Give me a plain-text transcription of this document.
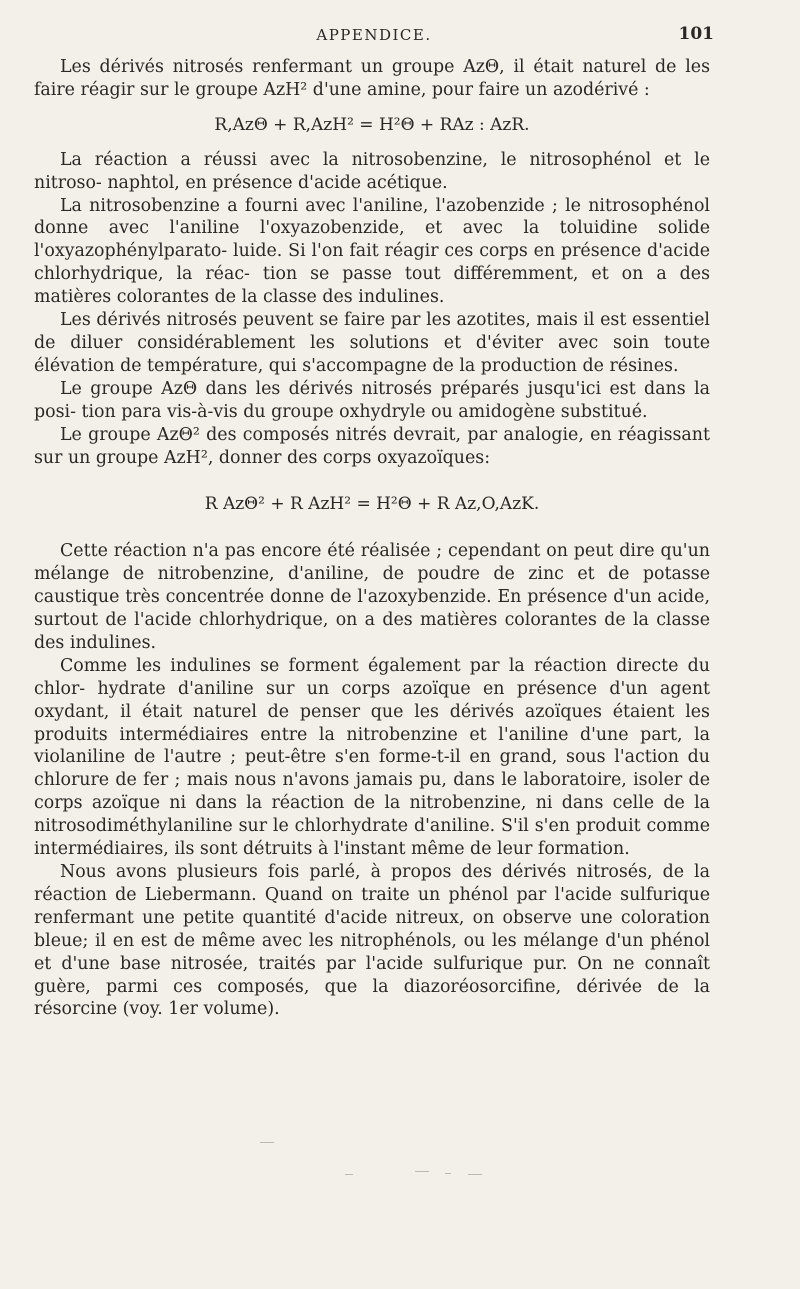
APPENDICE.	101

Les dérivés nitrosés renfermant un groupe AzΘ, il était naturel de les faire réagir sur le groupe AzH² d'une amine, pour faire un azodérivé :

R,AzΘ + R,AzH² = H²Θ + RAz : AzR.

La réaction a réussi avec la nitrosobenzine, le nitrosophénol et le nitroso- naphtol, en présence d'acide acétique.

La nitrosobenzine a fourni avec l'aniline, l'azobenzide ; le nitrosophénol donne avec l'aniline l'oxyazobenzide, et avec la toluidine solide l'oxyazophénylparato- luide. Si l'on fait réagir ces corps en présence d'acide chlorhydrique, la réac- tion se passe tout différemment, et on a des matières colorantes de la classe des indulines.

Les dérivés nitrosés peuvent se faire par les azotites, mais il est essentiel de diluer considérablement les solutions et d'éviter avec soin toute élévation de température, qui s'accompagne de la production de résines.

Le groupe AzΘ dans les dérivés nitrosés préparés jusqu'ici est dans la posi- tion para vis-à-vis du groupe oxhydryle ou amidogène substitué.

Le groupe AzΘ² des composés nitrés devrait, par analogie, en réagissant sur un groupe AzH², donner des corps oxyazoïques:

R AzΘ² + R AzH² = H²Θ + R Az,O,AzK.

Cette réaction n'a pas encore été réalisée ; cependant on peut dire qu'un mélange de nitrobenzine, d'aniline, de poudre de zinc et de potasse caustique très concentrée donne de l'azoxybenzide. En présence d'un acide, surtout de l'acide chlorhydrique, on a des matières colorantes de la classe des indulines.

Comme les indulines se forment également par la réaction directe du chlor- hydrate d'aniline sur un corps azoïque en présence d'un agent oxydant, il était naturel de penser que les dérivés azoïques étaient les produits intermédiaires entre la nitrobenzine et l'aniline d'une part, la violaniline de l'autre ; peut-être s'en forme-t-il en grand, sous l'action du chlorure de fer ; mais nous n'avons jamais pu, dans le laboratoire, isoler de corps azoïque ni dans la réaction de la nitrobenzine, ni dans celle de la nitrosodiméthylaniline sur le chlorhydrate d'aniline. S'il s'en produit comme intermédiaires, ils sont détruits à l'instant même de leur formation.

Nous avons plusieurs fois parlé, à propos des dérivés nitrosés, de la réaction de Liebermann. Quand on traite un phénol par l'acide sulfurique renfermant une petite quantité d'acide nitreux, on observe une coloration bleue; il en est de même avec les nitrophénols, ou les mélange d'un phénol et d'une base nitrosée, traités par l'acide sulfurique pur. On ne connaît guère, parmi ces composés, que la diazoréosorcifine, dérivée de la résorcine (voy. 1er volume).
